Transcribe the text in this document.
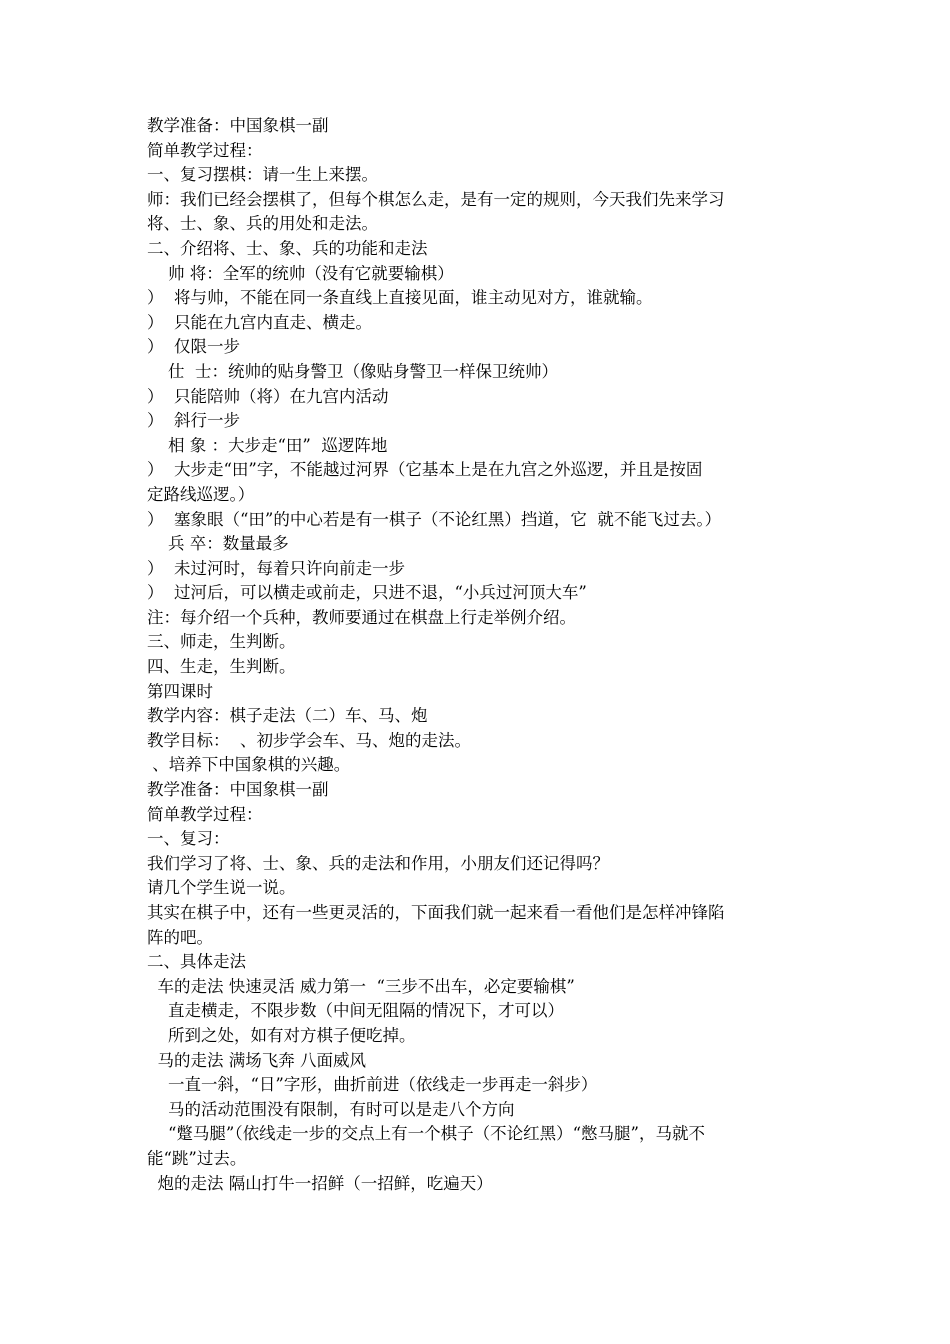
教学准备：中国象棋一副
简单教学过程：
一、复习摆棋：请一生上来摆。
师：我们已经会摆棋了，但每个棋怎么走，是有一定的规则，今天我们先来学习
将、士、象、兵的用处和走法。
二、介绍将、士、象、兵的功能和走法
帅 将：全军的统帅（没有它就要输棋）
）  将与帅，不能在同一条直线上直接见面，谁主动见对方，谁就输。
）  只能在九宫内直走、横走。
）  仅限一步
仕  士：统帅的贴身警卫（像贴身警卫一样保卫统帅）
）  只能陪帅（将）在九宫内活动
）  斜行一步
相 象 ：大步走“田”  巡逻阵地
）  大步走“田”字，不能越过河界（它基本上是在九宫之外巡逻，并且是按固
定路线巡逻。）
）  塞象眼（“田”的中心若是有一棋子（不论红黑）挡道，它  就不能飞过去。）
兵 卒：数量最多
）  未过河时，每着只许向前走一步
）  过河后，可以横走或前走，只进不退，“小兵过河顶大车”
注：每介绍一个兵种，教师要通过在棋盘上行走举例介绍。
三、师走，生判断。
四、生走，生判断。
第四课时
教学内容：棋子走法（二）车、马、炮
教学目标：  、初步学会车、马、炮的走法。
、培养下中国象棋的兴趣。
教学准备：中国象棋一副
简单教学过程：
一、复习：
我们学习了将、士、象、兵的走法和作用，小朋友们还记得吗？
请几个学生说一说。
其实在棋子中，还有一些更灵活的，下面我们就一起来看一看他们是怎样冲锋陷
阵的吧。
二、具体走法
车的走法 快速灵活 威力第一  “三步不出车，必定要输棋”
直走横走，不限步数（中间无阻隔的情况下，才可以）
所到之处，如有对方棋子便吃掉。
马的走法 满场飞奔 八面威风
一直一斜，“日”字形，曲折前进（依线走一步再走一斜步）
马的活动范围没有限制，有时可以是走八个方向
“蹩马腿”（依线走一步的交点上有一个棋子（不论红黑）“憋马腿”，马就不
能“跳”过去。
炮的走法 隔山打牛一招鲜（一招鲜，吃遍天）
